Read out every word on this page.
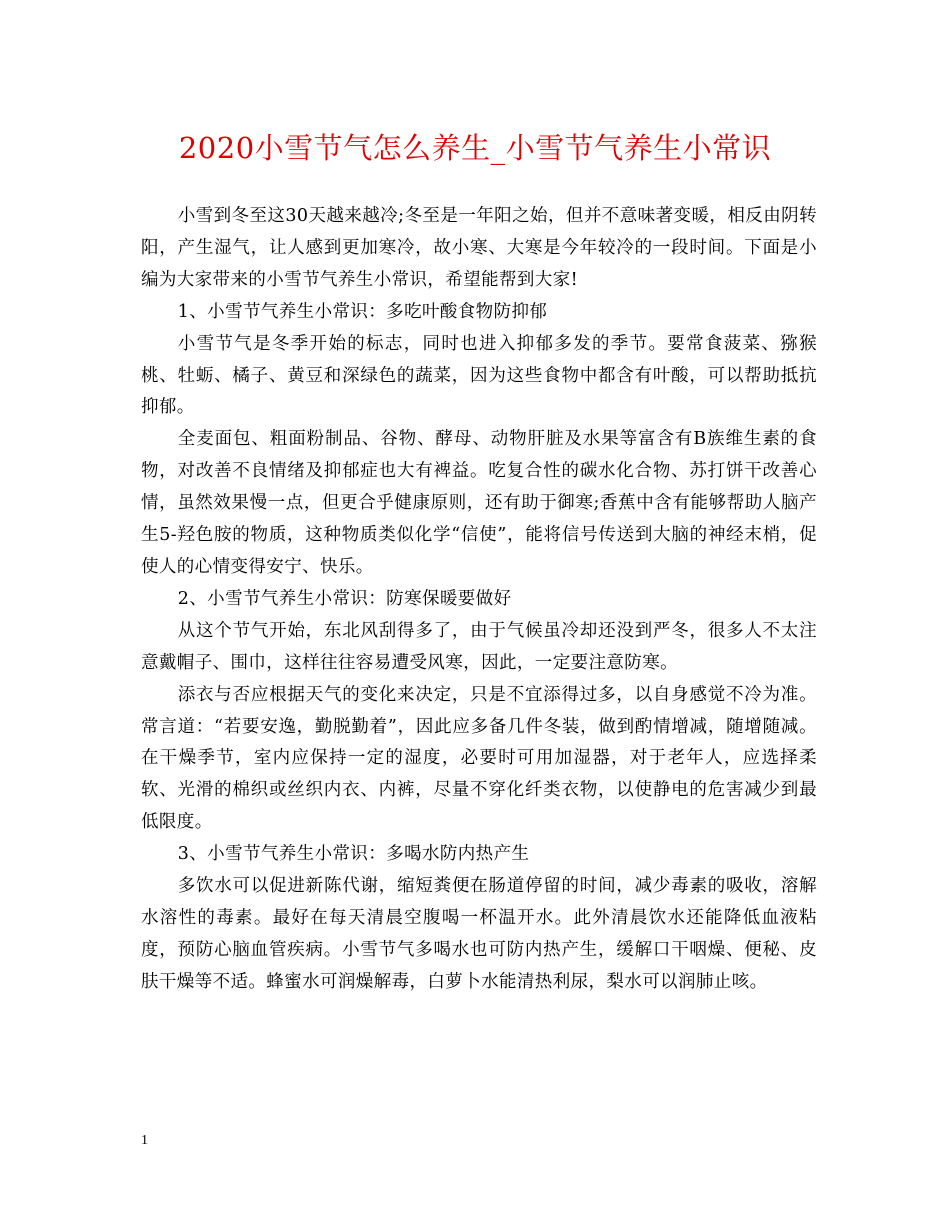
2020小雪节气怎么养生_小雪节气养生小常识

小雪到冬至这30天越来越冷;冬至是一年阳之始，但并不意味著变暖，相反由阴转阳，产生湿气，让人感到更加寒冷，故小寒、大寒是今年较冷的一段时间。下面是小编为大家带来的小雪节气养生小常识，希望能帮到大家!

1、小雪节气养生小常识：多吃叶酸食物防抑郁

小雪节气是冬季开始的标志，同时也进入抑郁多发的季节。要常食菠菜、猕猴桃、牡蛎、橘子、黄豆和深绿色的蔬菜，因为这些食物中都含有叶酸，可以帮助抵抗抑郁。

全麦面包、粗面粉制品、谷物、酵母、动物肝脏及水果等富含有B族维生素的食物，对改善不良情绪及抑郁症也大有裨益。吃复合性的碳水化合物、苏打饼干改善心情，虽然效果慢一点，但更合乎健康原则，还有助于御寒;香蕉中含有能够帮助人脑产生5-羟色胺的物质，这种物质类似化学“信使”，能将信号传送到大脑的神经末梢，促使人的心情变得安宁、快乐。

2、小雪节气养生小常识：防寒保暖要做好

从这个节气开始，东北风刮得多了，由于气候虽冷却还没到严冬，很多人不太注意戴帽子、围巾，这样往往容易遭受风寒，因此，一定要注意防寒。

添衣与否应根据天气的变化来决定，只是不宜添得过多，以自身感觉不冷为准。常言道：“若要安逸，勤脱勤着”，因此应多备几件冬装，做到酌情增减，随增随减。在干燥季节，室内应保持一定的湿度，必要时可用加湿器，对于老年人，应选择柔软、光滑的棉织或丝织内衣、内裤，尽量不穿化纤类衣物，以使静电的危害减少到最低限度。

3、小雪节气养生小常识：多喝水防内热产生

多饮水可以促进新陈代谢，缩短粪便在肠道停留的时间，减少毒素的吸收，溶解水溶性的毒素。最好在每天清晨空腹喝一杯温开水。此外清晨饮水还能降低血液粘度，预防心脑血管疾病。小雪节气多喝水也可防内热产生，缓解口干咽燥、便秘、皮肤干燥等不适。蜂蜜水可润燥解毒，白萝卜水能清热利尿，梨水可以润肺止咳。

1
